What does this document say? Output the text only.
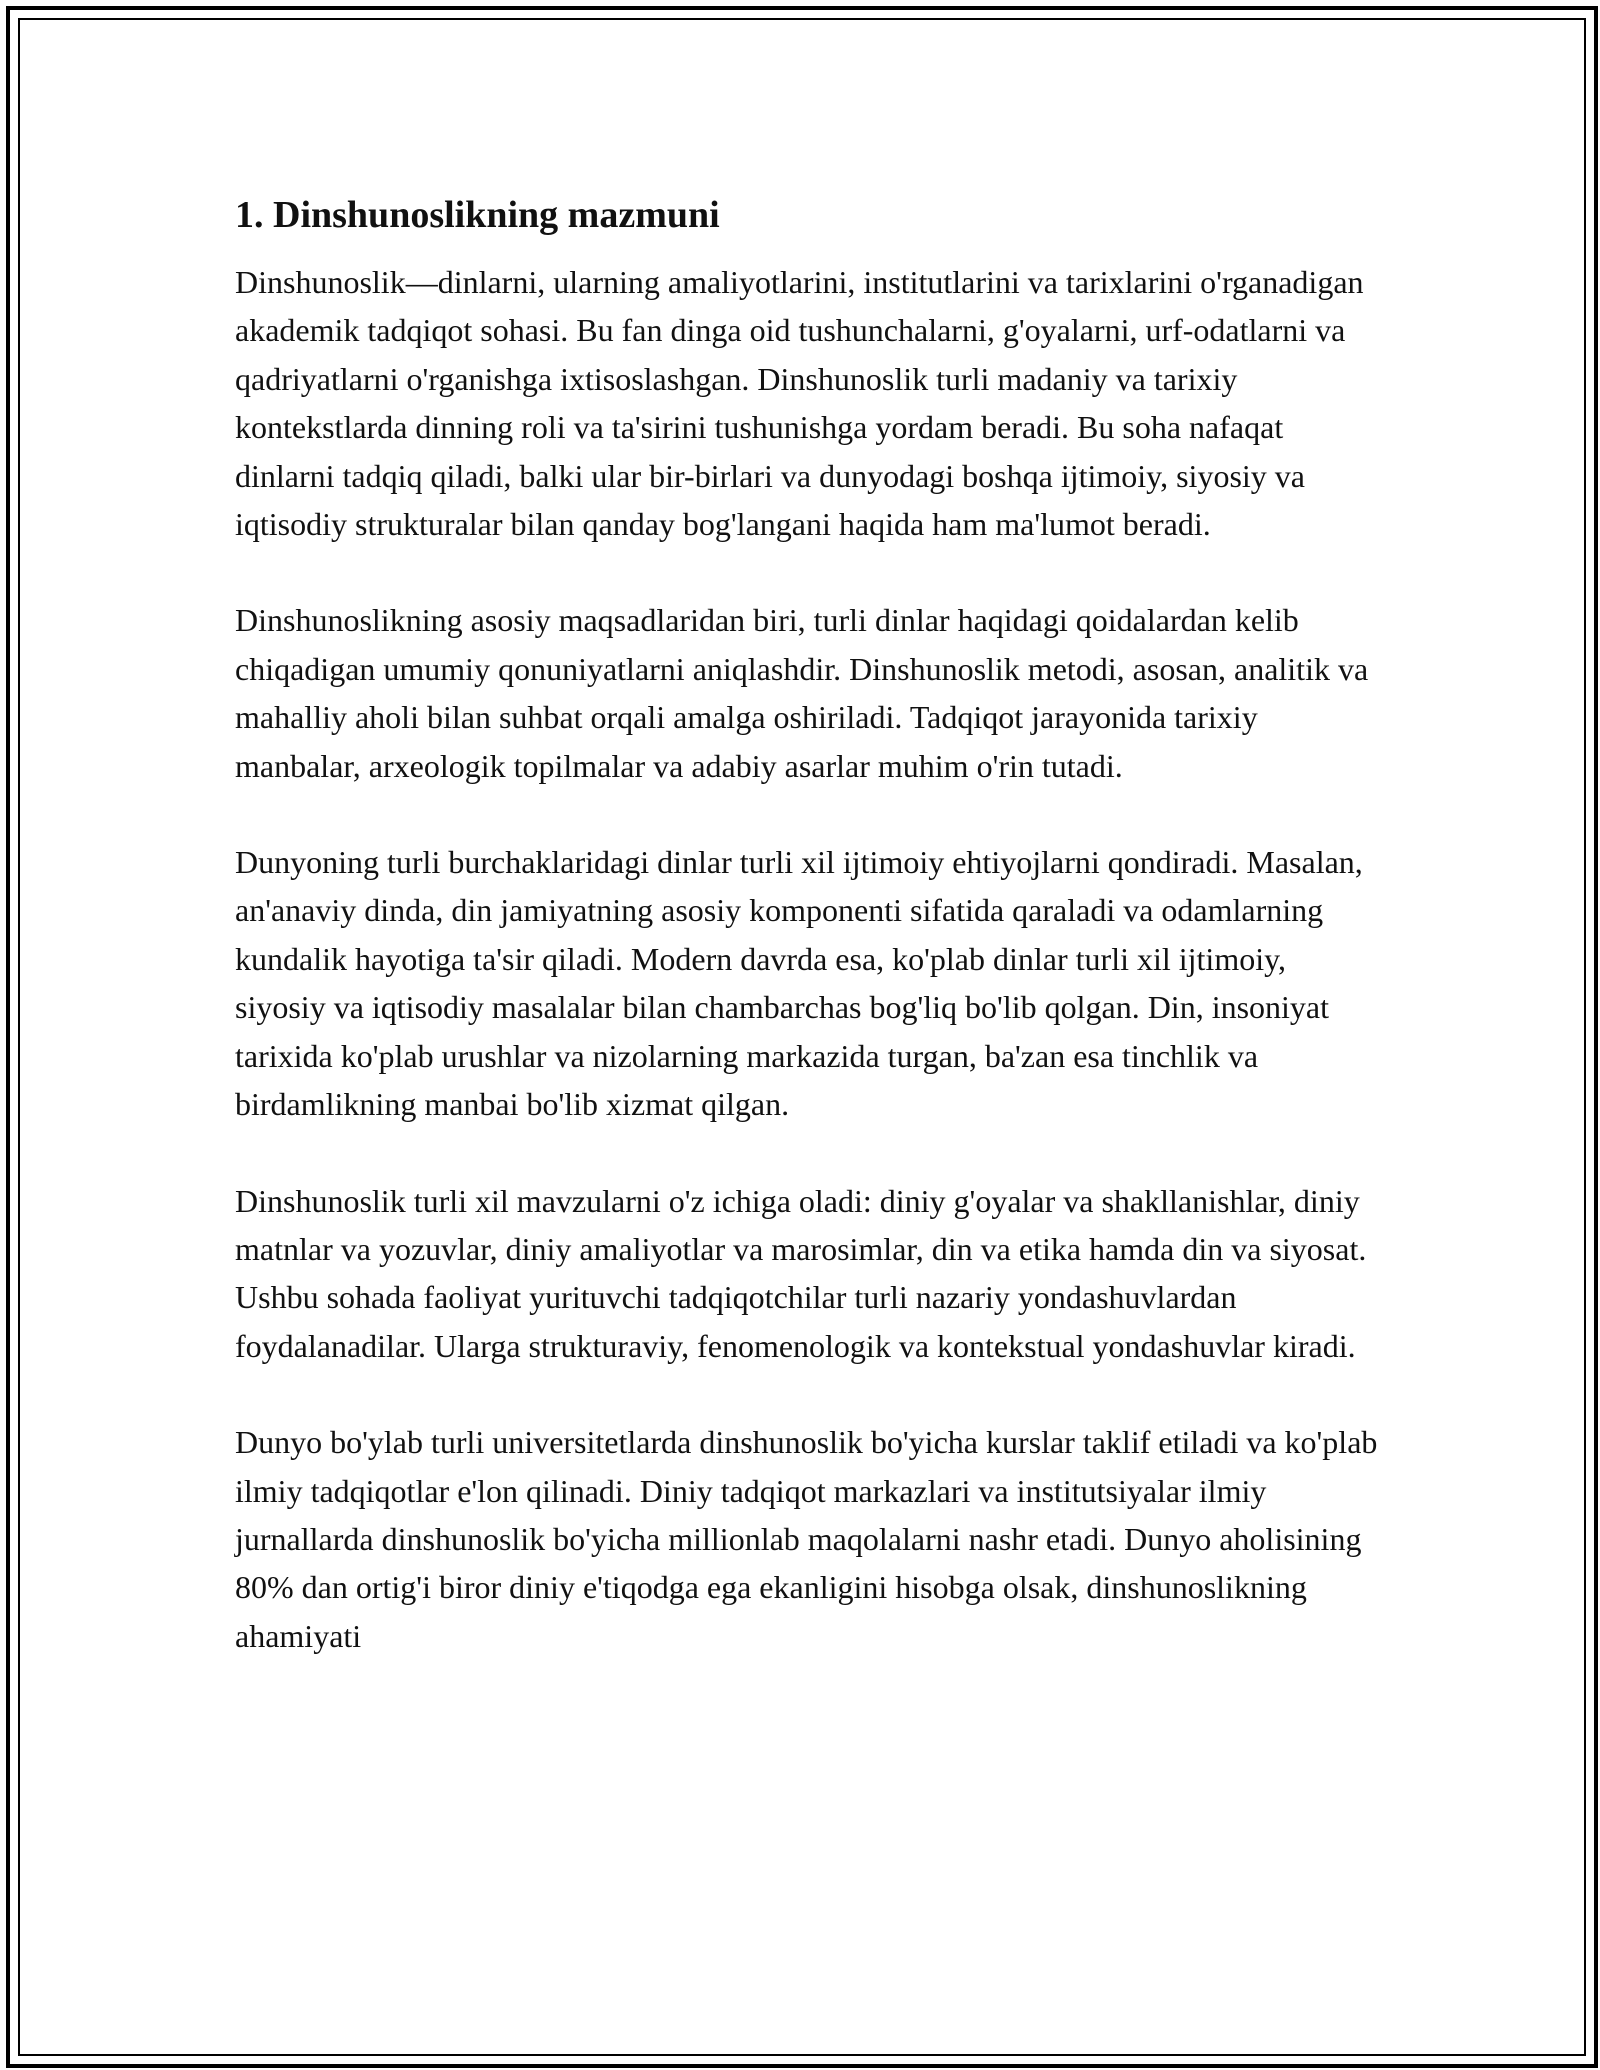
1. Dinshunoslikning mazmuni

Dinshunoslik—dinlarni, ularning amaliyotlarini, institutlarini va tarixlarini o'rganadigan akademik tadqiqot sohasi. Bu fan dinga oid tushunchalarni, g'oyalarni, urf-odatlarni va qadriyatlarni o'rganishga ixtisoslashgan. Dinshunoslik turli madaniy va tarixiy kontekstlarda dinning roli va ta'sirini tushunishga yordam beradi. Bu soha nafaqat dinlarni tadqiq qiladi, balki ular bir-birlari va dunyodagi boshqa ijtimoiy, siyosiy va iqtisodiy strukturalar bilan qanday bog'langani haqida ham ma'lumot beradi.

Dinshunoslikning asosiy maqsadlaridan biri, turli dinlar haqidagi qoidalardan kelib chiqadigan umumiy qonuniyatlarni aniqlashdir. Dinshunoslik metodi, asosan, analitik va mahalliy aholi bilan suhbat orqali amalga oshiriladi. Tadqiqot jarayonida tarixiy manbalar, arxeologik topilmalar va adabiy asarlar muhim o'rin tutadi.

Dunyoning turli burchaklaridagi dinlar turli xil ijtimoiy ehtiyojlarni qondiradi. Masalan, an'anaviy dinda, din jamiyatning asosiy komponenti sifatida qaraladi va odamlarning kundalik hayotiga ta'sir qiladi. Modern davrda esa, ko'plab dinlar turli xil ijtimoiy, siyosiy va iqtisodiy masalalar bilan chambarchas bog'liq bo'lib qolgan. Din, insoniyat tarixida ko'plab urushlar va nizolarning markazida turgan, ba'zan esa tinchlik va birdamlikning manbai bo'lib xizmat qilgan.

Dinshunoslik turli xil mavzularni o'z ichiga oladi: diniy g'oyalar va shakllanishlar, diniy matnlar va yozuvlar, diniy amaliyotlar va marosimlar, din va etika hamda din va siyosat. Ushbu sohada faoliyat yurituvchi tadqiqotchilar turli nazariy yondashuvlardan foydalanadilar. Ularga strukturaviy, fenomenologik va kontekstual yondashuvlar kiradi.

Dunyo bo'ylab turli universitetlarda dinshunoslik bo'yicha kurslar taklif etiladi va ko'plab ilmiy tadqiqotlar e'lon qilinadi. Diniy tadqiqot markazlari va institutsiyalar ilmiy jurnallarda dinshunoslik bo'yicha millionlab maqolalarni nashr etadi. Dunyo aholisining 80% dan ortig'i biror diniy e'tiqodga ega ekanligini hisobga olsak, dinshunoslikning ahamiyati
